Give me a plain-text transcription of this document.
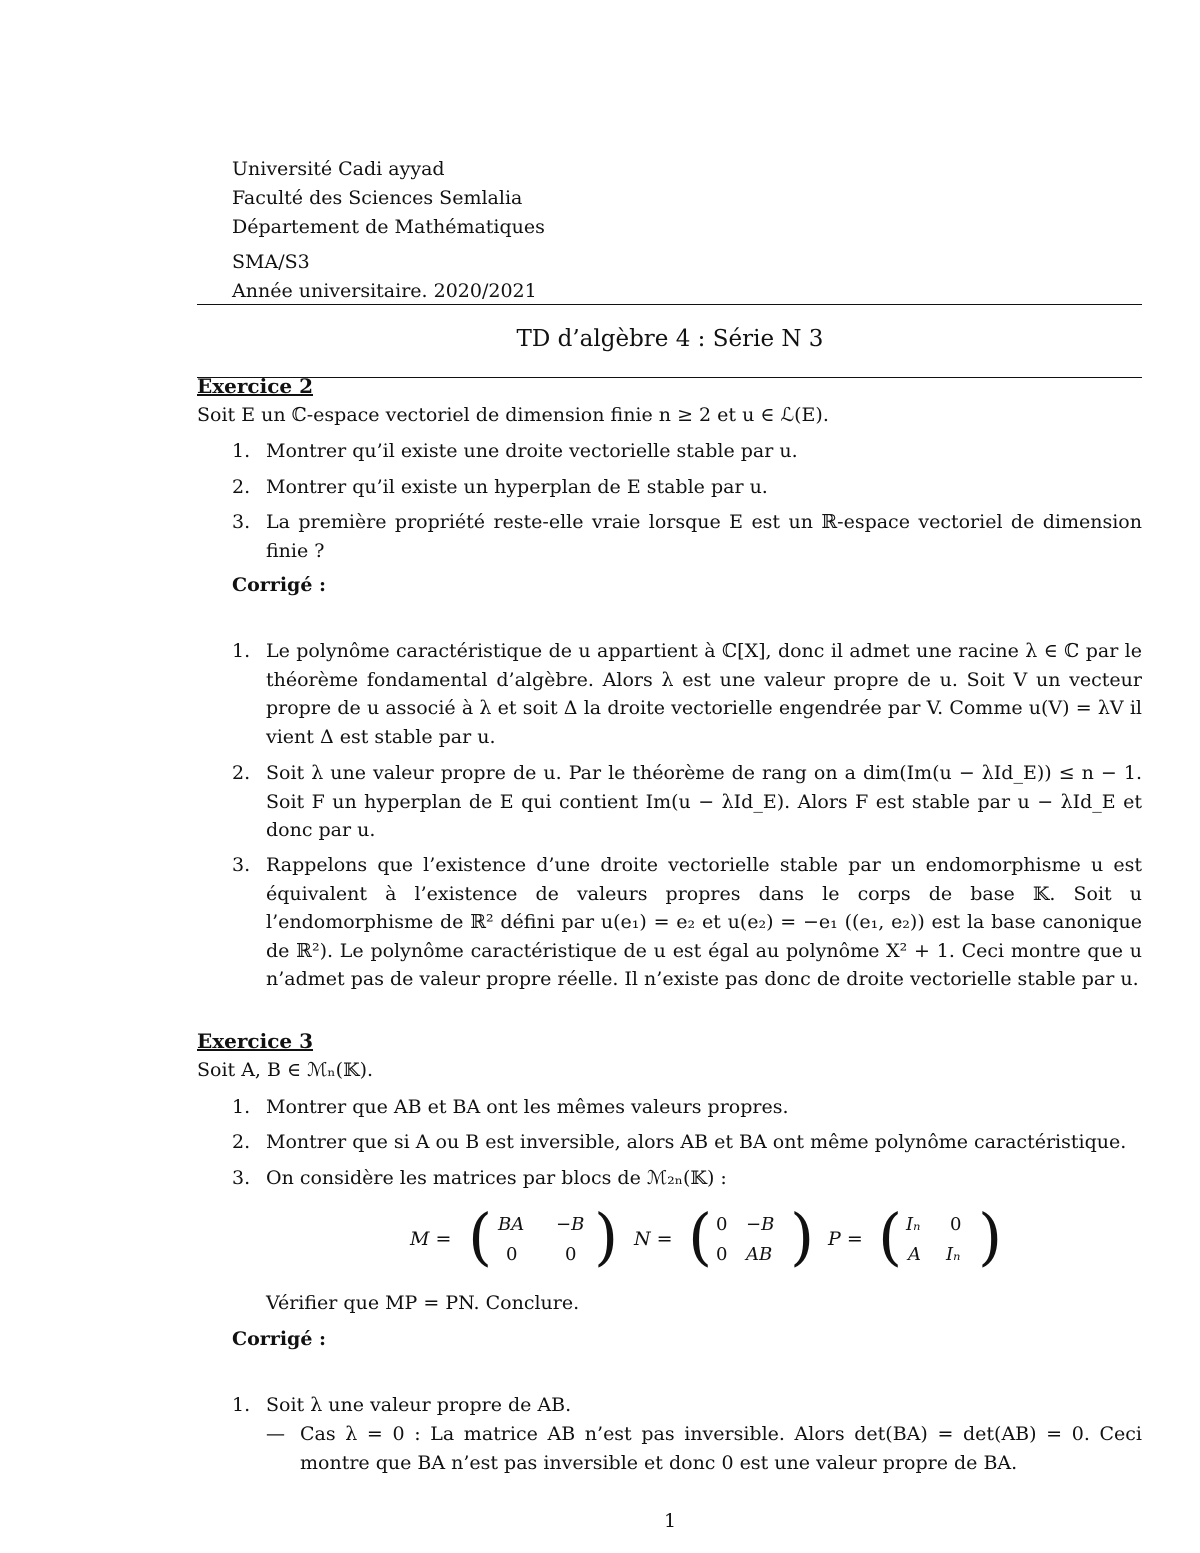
Université Cadi ayyad
Faculté des Sciences Semlalia
Département de Mathématiques
SMA/S3
Année universitaire. 2020/2021
TD d’algèbre 4 : Série N 3
Exercice 2
Soit E un ℂ-espace vectoriel de dimension finie n ≥ 2 et u ∈ ℒ(E).
1. Montrer qu’il existe une droite vectorielle stable par u.
2. Montrer qu’il existe un hyperplan de E stable par u.
3. La première propriété reste-elle vraie lorsque E est un ℝ-espace vectoriel de dimension finie ?
Corrigé :
1. Le polynôme caractéristique de u appartient à ℂ[X], donc il admet une racine λ ∈ ℂ par le théorème fondamental d’algèbre. Alors λ est une valeur propre de u. Soit V un vecteur propre de u associé à λ et soit Δ la droite vectorielle engendrée par V. Comme u(V) = λV il vient Δ est stable par u.
2. Soit λ une valeur propre de u. Par le théorème de rang on a dim(Im(u − λId_E)) ≤ n − 1. Soit F un hyperplan de E qui contient Im(u − λId_E). Alors F est stable par u − λId_E et donc par u.
3. Rappelons que l’existence d’une droite vectorielle stable par un endomorphisme u est équivalent à l’existence de valeurs propres dans le corps de base 𝕂. Soit u l’endomorphisme de ℝ² défini par u(e₁) = e₂ et u(e₂) = −e₁ ((e₁, e₂)) est la base canonique de ℝ²). Le polynôme caractéristique de u est égal au polynôme X² + 1. Ceci montre que u n’admet pas de valeur propre réelle. Il n’existe pas donc de droite vectorielle stable par u.
Exercice 3
Soit A, B ∈ ℳₙ(𝕂).
1. Montrer que AB et BA ont les mêmes valeurs propres.
2. Montrer que si A ou B est inversible, alors AB et BA ont même polynôme caractéristique.
3. On considère les matrices par blocs de ℳ₂ₙ(𝕂) :
M = ( BA −B
0	0 ) N = ( 0 −B
0 AB ) P = ( Iₙ 0
A Iₙ )
Vérifier que MP = PN. Conclure.
Corrigé :
1. Soit λ une valeur propre de AB.
— Cas λ = 0 : La matrice AB n’est pas inversible. Alors det(BA) = det(AB) = 0. Ceci montre que BA n’est pas inversible et donc 0 est une valeur propre de BA.
1
